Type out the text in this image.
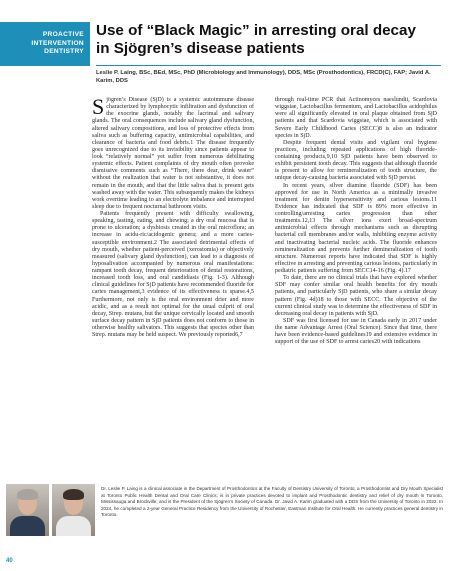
PROACTIVE
INTERVENTION
DENTISTRY
Use of “Black Magic” in arresting oral decay
in Sjögren’s disease patients
Leslie P. Laing, BSc, BEd, MSc, PhD (Microbiology and Immunology), DDS, MSc (Prosthodontics), FRCD(C), FAP; Javid A. Karim, DDS

Sjögren’s Disease (SjD) is a systemic autoimmune disease characterized by lymphocytic infiltration and dysfunction of the exocrine glands, notably the lacrimal and salivary glands. The oral consequences include salivary gland dysfunction, altered salivary compositions, and loss of protective effects from saliva such as buffering capacity, antimicrobial capabilities, and clearance of bacteria and food debris.1 The disease frequently goes unrecognized due to its invisibility since patients appear to look “relatively normal” yet suffer from numerous debilitating systemic effects. Patient complaints of dry mouth often provoke dismissive comments such as “There, there dear, drink water” without the realization that water is not substantive, it does not remain in the mouth, and that the little saliva that is present gets washed away with the water. This subsequently makes the kidneys work overtime leading to an electrolyte imbalance and interrupted sleep due to frequent nocturnal bathroom visits.

Patients frequently present with difficulty swallowing, speaking, tasting, eating, and chewing; a dry oral mucosa that is prone to ulceration; a dysbiosis created in the oral microflora; an increase in acidu-ric/acidogenic genera; and a more caries-susceptible environment.2 The associated detrimental effects of dry mouth, whether patient-perceived (xerostomia) or objectively measured (salivary gland dysfunction), can lead to a diagnosis of hyposalivation accompanied by numerous oral manifestations: rampant tooth decay, frequent deterioration of dental restorations, increased tooth loss, and oral candidiasis (Fig. 1-3). Although clinical guidelines for SjD patients have recommended fluoride for caries management,3 evidence of its effectiveness is sparse.4,5 Furthermore, not only is the oral environment drier and more acidic, and as a result not optimal for the usual culprit of oral decay, Strep. mutans, but the unique cervically located and smooth surface decay pattern in SjD patients does not conform to those in otherwise healthy salivators. This suggests that species other than Strep. mutans may be held suspect. We previously reported6,7

through real-time PCR that Actinomyces naeslundii, Scardovia wiggsiae, Lactobacillus fermentum, and Lactobacillus acidophilus were all significantly elevated in oral plaque obtained from SjD patients and that Scardovia wiggsiae, which is associated with Severe Early Childhood Caries (SECC)8 is also an indicator species in SjD.

Despite frequent dental visits and vigilant oral hygiene practices, including repeated applications of high fluoride-containing products,9,10 SjD patients have been observed to exhibit persistent tooth decay. This suggests that although fluoride is present to allow for remineralization of tooth structure, the unique decay-causing bacteria associated with SjD persist.

In recent years, silver diamine fluoride (SDF) has been approved for use in North America as a minimally invasive treatment for dentin hypersensitivity and carious lesions.11 Evidence has indicated that SDF is 89% more effective in controlling/arresting caries progression than other treatments.12,13 The silver ions exert broad-spectrum antimicrobial effects through mechanisms such as disrupting bacterial cell membranes and/or walls, inhibiting enzyme activity and inactivating bacterial nucleic acids. The fluoride enhances remineralization and prevents further demineralization of tooth structure. Numerous reports have indicated that SDF is highly effective in arresting and preventing carious lesions, particularly in pediatric patients suffering from SECC14-16 (Fig. 4).17

To date, there are no clinical trials that have explored whether SDF may confer similar oral health benefits for dry mouth patients, and particularly SjD patients, who share a similar decay pattern (Fig. 4d)18 to those with SECC. The objective of the current clinical study was to determine the effectiveness of SDF in decreasing oral decay in patients with SjD.

SDF was first licensed for use in Canada early in 2017 under the name Advantage Arrest (Oral Science). Since that time, there have been evidence-based guidelines19 and extensive evidence in support of the use of SDF to arrest caries20 with indications

Dr. Leslie P. Laing is a clinical associate in the Department of Prosthodontics at the Faculty of Dentistry University of Toronto; a Prosthodontist and Dry Mouth Specialist at Toronto Public Health Dental and Oral Care Clinics; is in private practices devoted to implant and Prosthodontic dentistry and relief of dry mouth in Toronto, Mississauga and Brockville; and is the President of the Sjögren’s Society of Canada. Dr. Javid A. Karim graduated with a DDS from the University of Toronto in 2022. In 2024, he completed a 2-year General Practice Residency from the University of Rochester, Eastman Institute for Oral Health. He currently practices general dentistry in Toronto.
40
